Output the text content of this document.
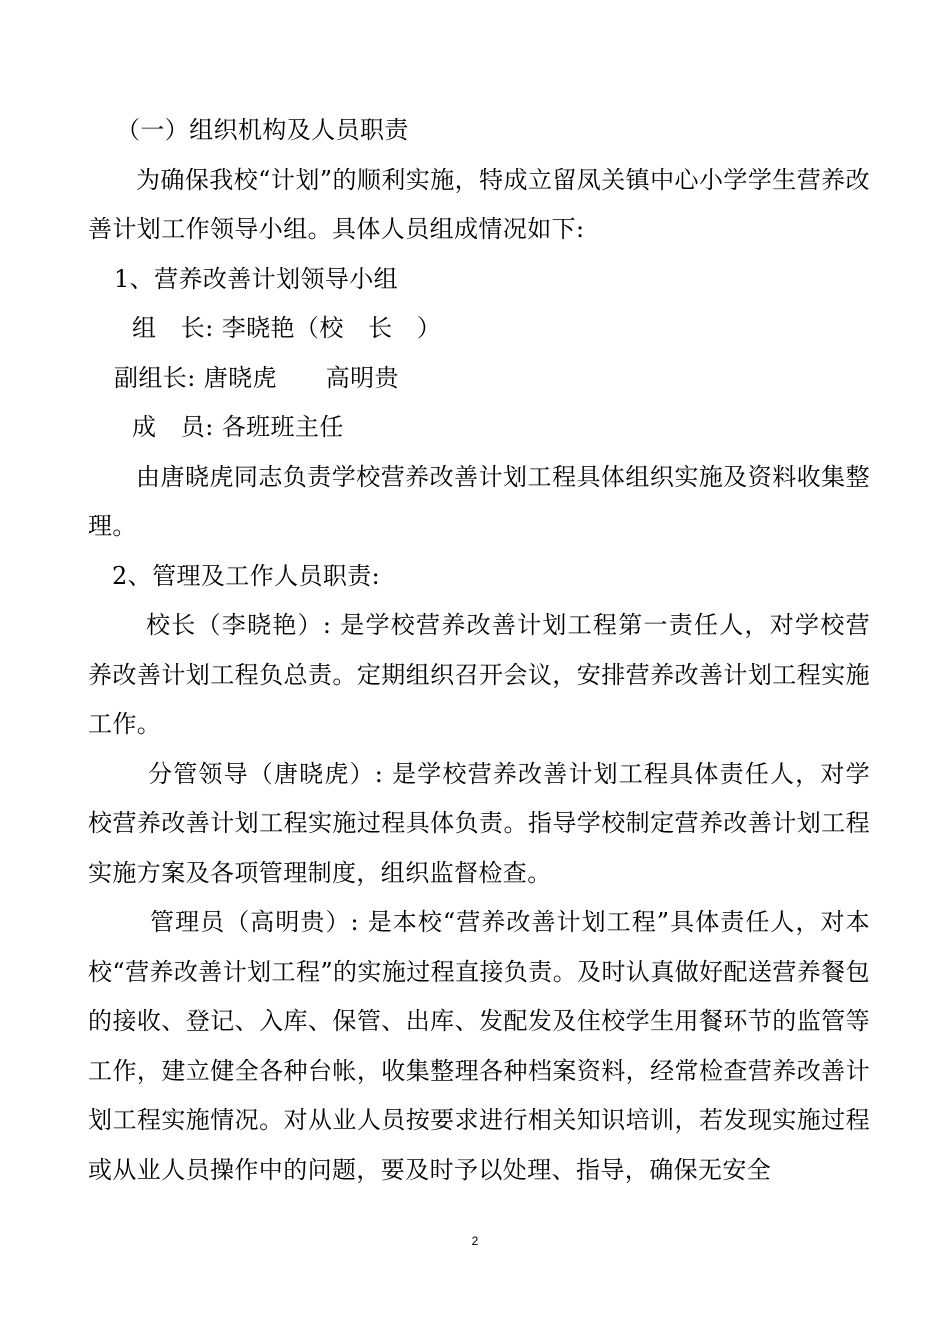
（一）组织机构及人员职责

为确保我校“计划”的顺利实施，特成立留凤关镇中心小学学生营养改善计划工作领导小组。具体人员组成情况如下:

1、营养改善计划领导小组

组　长: 李晓艳（校　长　）

副组长: 唐晓虎　　高明贵

成　员: 各班班主任

由唐晓虎同志负责学校营养改善计划工程具体组织实施及资料收集整理。

2、管理及工作人员职责:

校长（李晓艳）: 是学校营养改善计划工程第一责任人，对学校营养改善计划工程负总责。定期组织召开会议，安排营养改善计划工程实施工作。

分管领导（唐晓虎）: 是学校营养改善计划工程具体责任人，对学校营养改善计划工程实施过程具体负责。指导学校制定营养改善计划工程实施方案及各项管理制度，组织监督检查。

管理员（高明贵）: 是本校“营养改善计划工程”具体责任人，对本校“营养改善计划工程”的实施过程直接负责。及时认真做好配送营养餐包的接收、登记、入库、保管、出库、发配发及住校学生用餐环节的监管等工作，建立健全各种台帐，收集整理各种档案资料，经常检查营养改善计划工程实施情况。对从业人员按要求进行相关知识培训，若发现实施过程或从业人员操作中的问题，要及时予以处理、指导，确保无安全

2
